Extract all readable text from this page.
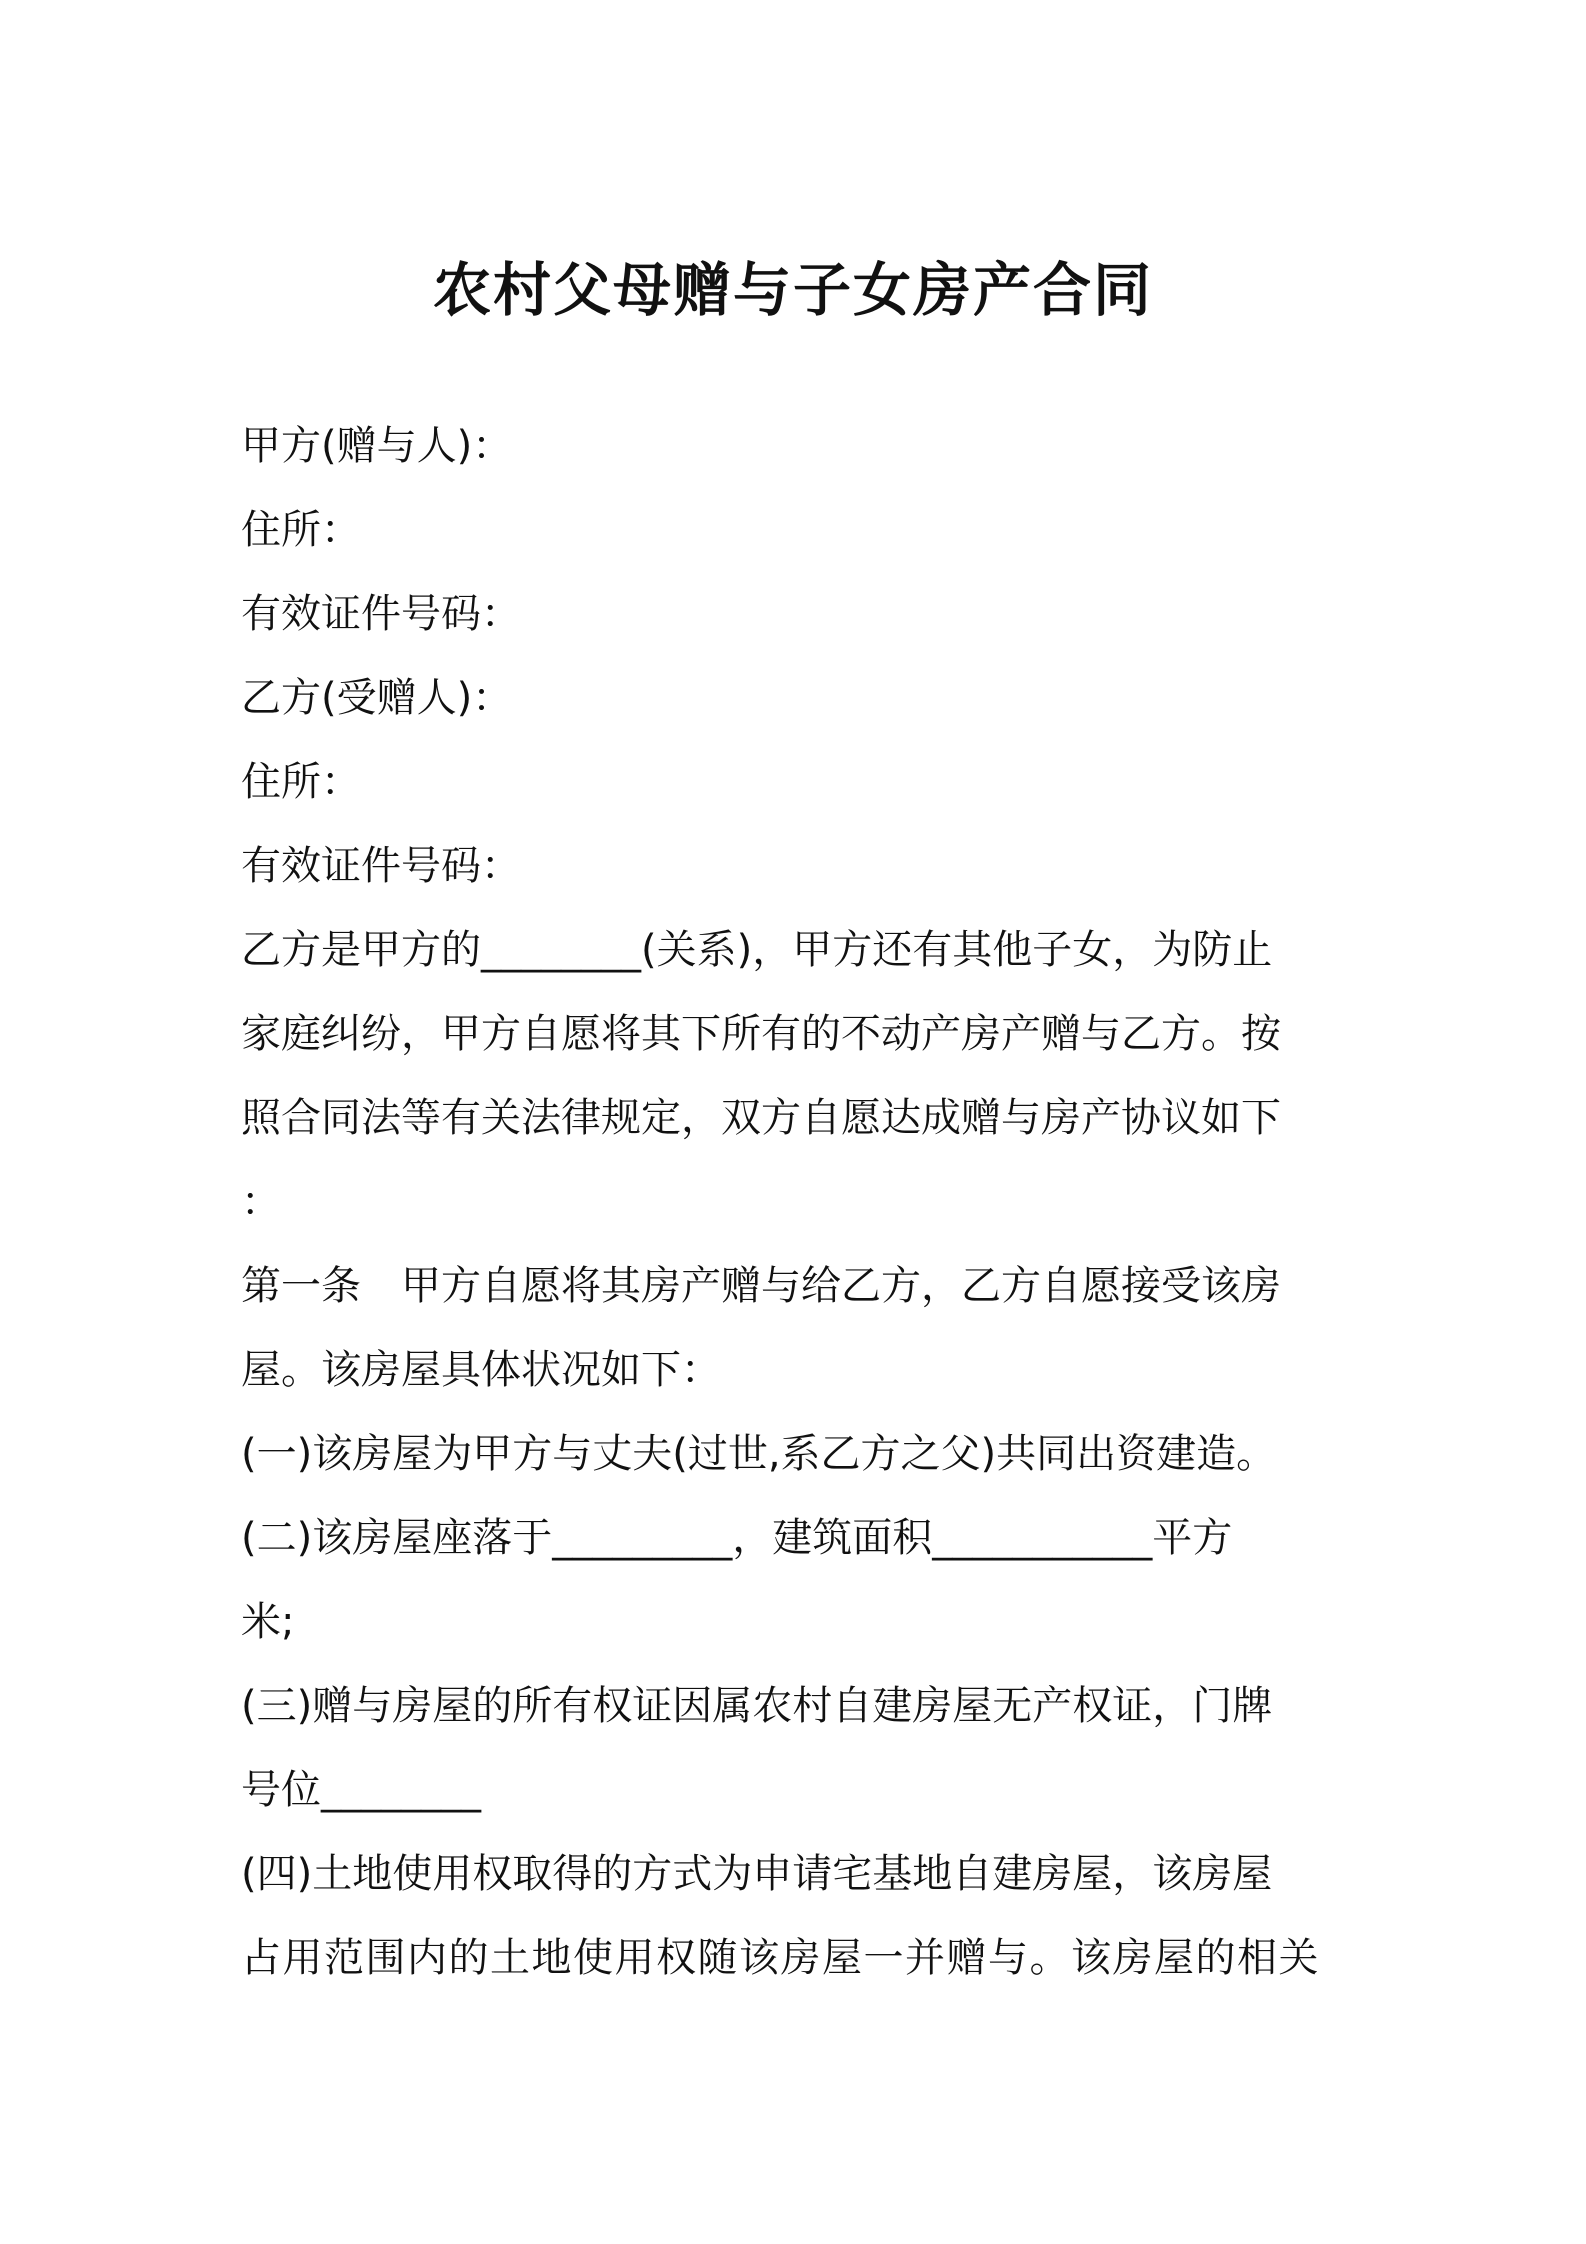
农村父母赠与子女房产合同

甲方(赠与人)：

住所：

有效证件号码：

乙方(受赠人)：

住所：

有效证件号码：

乙方是甲方的________(关系)，甲方还有其他子女，为防止

家庭纠纷，甲方自愿将其下所有的不动产房产赠与乙方。按

照合同法等有关法律规定，双方自愿达成赠与房产协议如下

：

第一条　甲方自愿将其房产赠与给乙方，乙方自愿接受该房

屋。该房屋具体状况如下：

(一)该房屋为甲方与丈夫(过世,系乙方之父)共同出资建造。

(二)该房屋座落于_________，建筑面积___________平方

米;

(三)赠与房屋的所有权证因属农村自建房屋无产权证，门牌

号位________

(四)土地使用权取得的方式为申请宅基地自建房屋，该房屋

占用范围内的土地使用权随该房屋一并赠与。该房屋的相关
